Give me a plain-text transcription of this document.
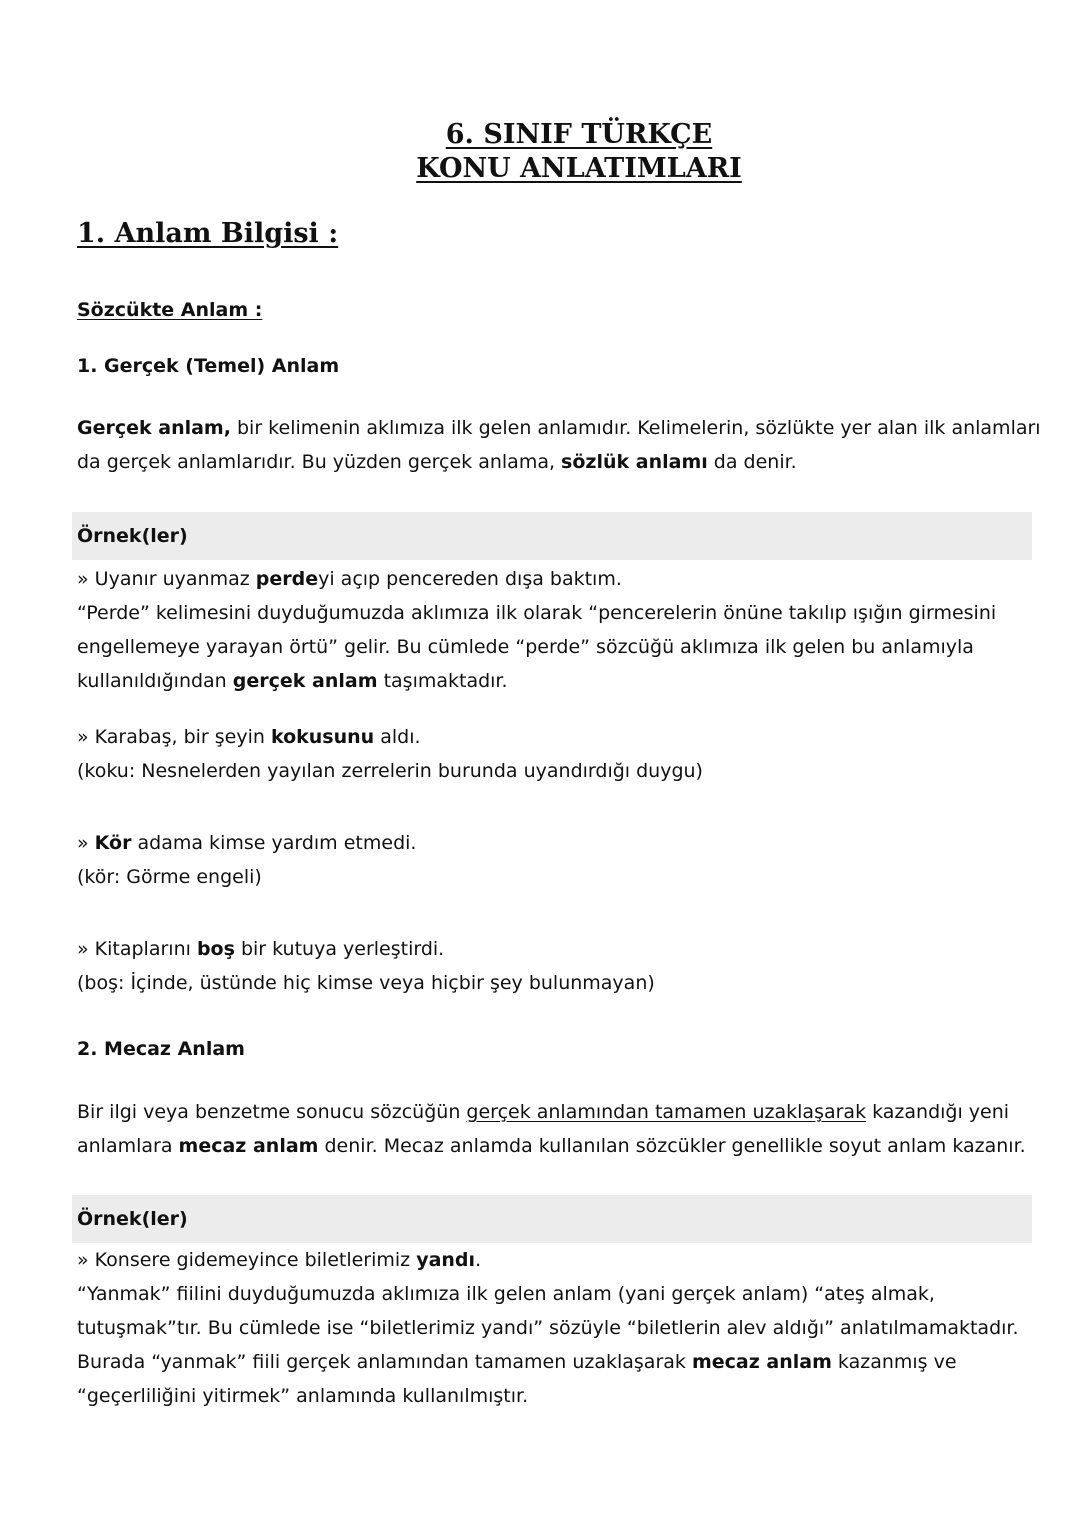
6. SINIF TÜRKÇE
KONU ANLATIMLARI
1. Anlam Bilgisi :
Sözcükte Anlam :
1. Gerçek (Temel) Anlam
Gerçek anlam, bir kelimenin aklımıza ilk gelen anlamıdır. Kelimelerin, sözlükte yer alan ilk anlamları
da gerçek anlamlarıdır. Bu yüzden gerçek anlama, sözlük anlamı da denir.
Örnek(ler)
» Uyanır uyanmaz perdeyi açıp pencereden dışa baktım.
“Perde” kelimesini duyduğumuzda aklımıza ilk olarak “pencerelerin önüne takılıp ışığın girmesini
engellemeye yarayan örtü” gelir. Bu cümlede “perde” sözcüğü aklımıza ilk gelen bu anlamıyla
kullanıldığından gerçek anlam taşımaktadır.
» Karabaş, bir şeyin kokusunu aldı.
(koku: Nesnelerden yayılan zerrelerin burunda uyandırdığı duygu)
» Kör adama kimse yardım etmedi.
(kör: Görme engeli)
» Kitaplarını boş bir kutuya yerleştirdi.
(boş: İçinde, üstünde hiç kimse veya hiçbir şey bulunmayan)
2. Mecaz Anlam
Bir ilgi veya benzetme sonucu sözcüğün gerçek anlamından tamamen uzaklaşarak kazandığı yeni
anlamlara mecaz anlam denir. Mecaz anlamda kullanılan sözcükler genellikle soyut anlam kazanır.
Örnek(ler)
» Konsere gidemeyince biletlerimiz yandı.
“Yanmak” fiilini duyduğumuzda aklımıza ilk gelen anlam (yani gerçek anlam) “ateş almak,
tutuşmak”tır. Bu cümlede ise “biletlerimiz yandı” sözüyle “biletlerin alev aldığı” anlatılmamaktadır.
Burada “yanmak” fiili gerçek anlamından tamamen uzaklaşarak mecaz anlam kazanmış ve
“geçerliliğini yitirmek” anlamında kullanılmıştır.
